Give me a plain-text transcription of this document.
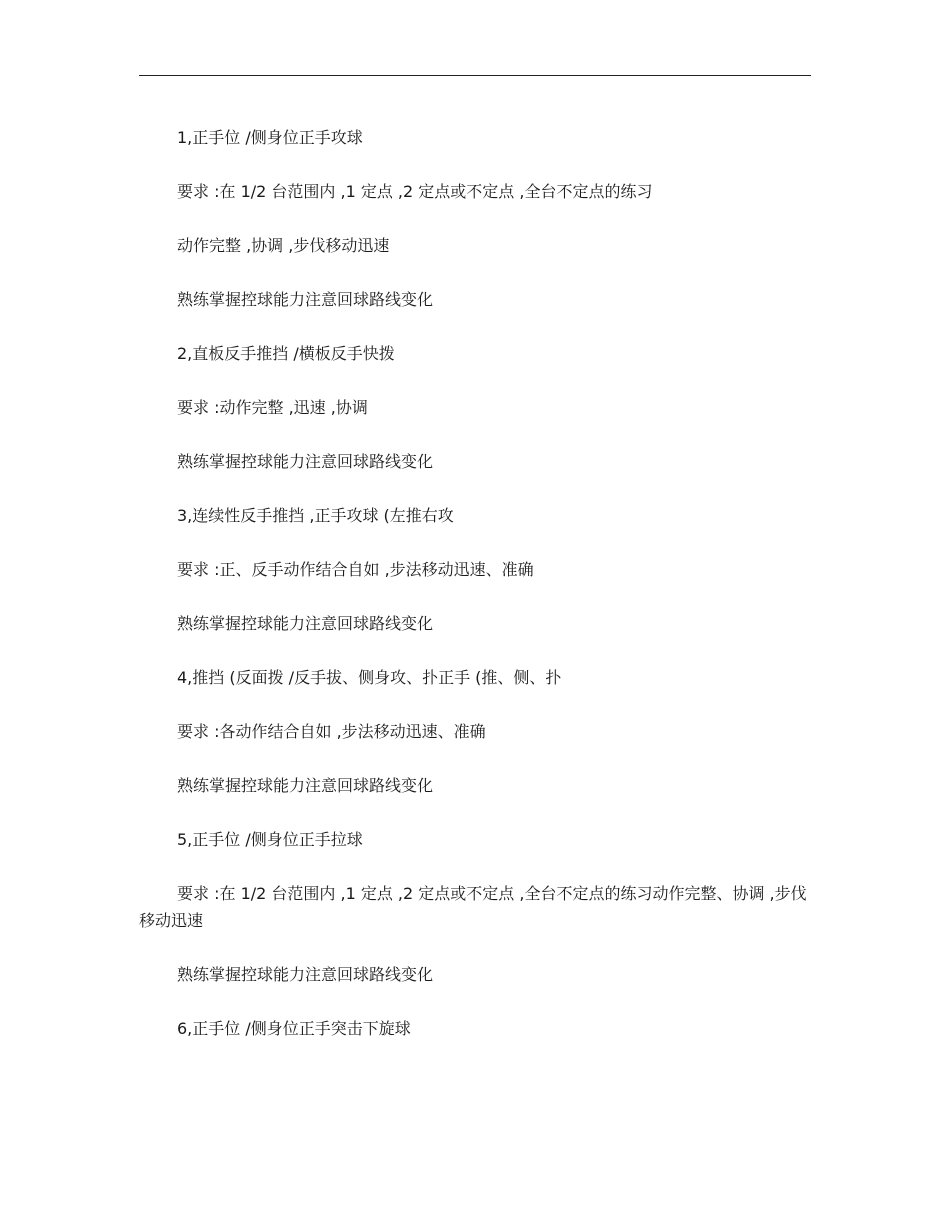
1,正手位 /侧身位正手攻球

要求 :在 1/2 台范围内 ,1 定点 ,2 定点或不定点 ,全台不定点的练习

动作完整 ,协调 ,步伐移动迅速

熟练掌握控球能力注意回球路线变化

2,直板反手推挡 /横板反手快拨

要求 :动作完整 ,迅速 ,协调

熟练掌握控球能力注意回球路线变化

3,连续性反手推挡 ,正手攻球 (左推右攻

要求 :正、反手动作结合自如 ,步法移动迅速、准确

熟练掌握控球能力注意回球路线变化

4,推挡 (反面拨 /反手拔、侧身攻、扑正手 (推、侧、扑

要求 :各动作结合自如 ,步法移动迅速、准确

熟练掌握控球能力注意回球路线变化

5,正手位 /侧身位正手拉球

要求 :在 1/2 台范围内 ,1 定点 ,2 定点或不定点 ,全台不定点的练习动作完整、协调 ,步伐移动迅速

熟练掌握控球能力注意回球路线变化

6,正手位 /侧身位正手突击下旋球
